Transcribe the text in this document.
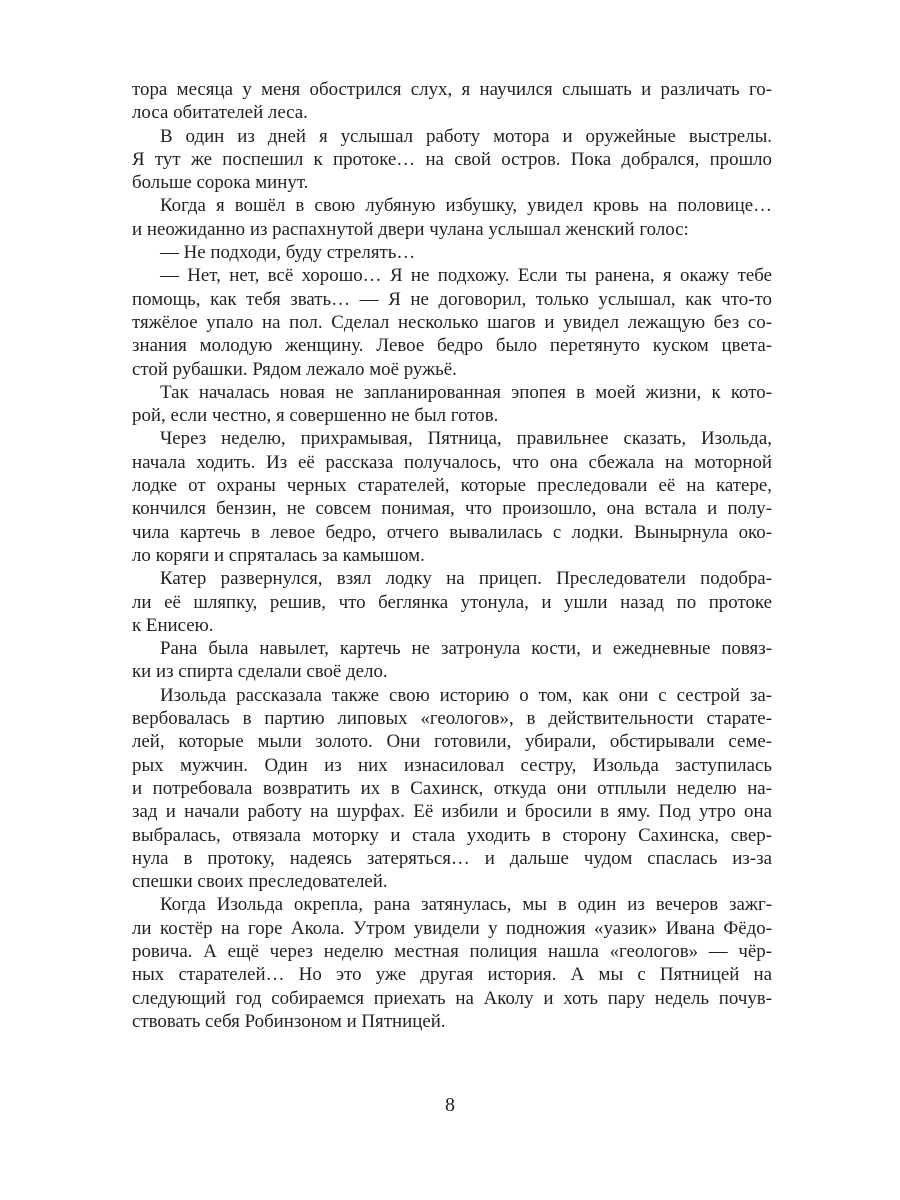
тора месяца у меня обострился слух, я научился слышать и различать го-
лоса обитателей леса.
В один из дней я услышал работу мотора и оружейные выстрелы.
Я тут же поспешил к протоке… на свой остров. Пока добрался, прошло
больше сорока минут.
Когда я вошёл в свою лубяную избушку, увидел кровь на половице…
и неожиданно из распахнутой двери чулана услышал женский голос:
— Не подходи, буду стрелять…
— Нет, нет, всё хорошо… Я не подхожу. Если ты ранена, я окажу тебе
помощь, как тебя звать… — Я не договорил, только услышал, как что-то
тяжёлое упало на пол. Сделал несколько шагов и увидел лежащую без со-
знания молодую женщину. Левое бедро было перетянуто куском цвета-
стой рубашки. Рядом лежало моё ружьё.
Так началась новая не запланированная эпопея в моей жизни, к кото-
рой, если честно, я совершенно не был готов.
Через неделю, прихрамывая, Пятница, правильнее сказать, Изольда,
начала ходить. Из её рассказа получалось, что она сбежала на моторной
лодке от охраны черных старателей, которые преследовали её на катере,
кончился бензин, не совсем понимая, что произошло, она встала и полу-
чила картечь в левое бедро, отчего вывалилась с лодки. Вынырнула око-
ло коряги и спряталась за камышом.
Катер развернулся, взял лодку на прицеп. Преследователи подобра-
ли её шляпку, решив, что беглянка утонула, и ушли назад по протоке
к Енисею.
Рана была навылет, картечь не затронула кости, и ежедневные повяз-
ки из спирта сделали своё дело.
Изольда рассказала также свою историю о том, как они с сестрой за-
вербовалась в партию липовых «геологов», в действительности старате-
лей, которые мыли золото. Они готовили, убирали, обстирывали семе-
рых мужчин. Один из них изнасиловал сестру, Изольда заступилась
и потребовала возвратить их в Сахинск, откуда они отплыли неделю на-
зад и начали работу на шурфах. Её избили и бросили в яму. Под утро она
выбралась, отвязала моторку и стала уходить в сторону Сахинска, свер-
нула в протоку, надеясь затеряться… и дальше чудом спаслась из-за
спешки своих преследователей.
Когда Изольда окрепла, рана затянулась, мы в один из вечеров зажг-
ли костёр на горе Акола. Утром увидели у подножия «уазик» Ивана Фёдо-
ровича. А ещё через неделю местная полиция нашла «геологов» — чёр-
ных старателей… Но это уже другая история. А мы с Пятницей на
следующий год собираемся приехать на Аколу и хоть пару недель почув-
ствовать себя Робинзоном и Пятницей.
8
